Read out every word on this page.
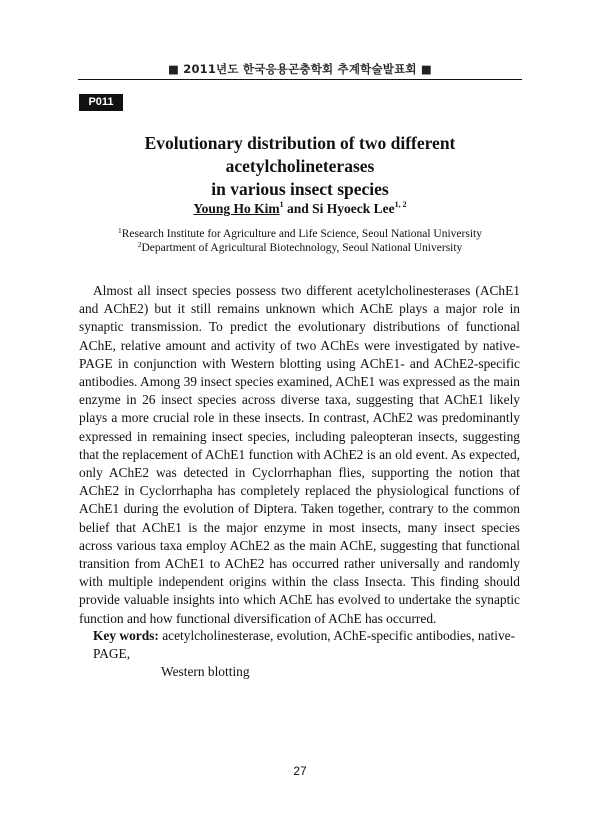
■ 2011년도 한국응용곤충학회 추계학술발표회 ■
P011
Evolutionary distribution of two different acetylcholineterases
in various insect species
Young Ho Kim$^1$ and Si Hyoeck Lee$^{1, 2}$
$^1$Research Institute for Agriculture and Life Science, Seoul National University
$^2$Department of Agricultural Biotechnology, Seoul National University

Almost all insect species possess two different acetylcholinesterases (AChE1 and AChE2) but it still remains unknown which AChE plays a major role in synaptic transmission. To predict the evolutionary distributions of functional AChE, relative amount and activity of two AChEs were investigated by native-PAGE in conjunction with Western blotting using AChE1- and AChE2-specific antibodies. Among 39 insect species examined, AChE1 was expressed as the main enzyme in 26 insect species across diverse taxa, suggesting that AChE1 likely plays a more crucial role in these insects. In contrast, AChE2 was predominantly expressed in remaining insect species, including paleopteran insects, suggesting that the replacement of AChE1 function with AChE2 is an old event. As expected, only AChE2 was detected in Cyclorrhaphan flies, supporting the notion that AChE2 in Cyclorrhapha has completely replaced the physiological functions of AChE1 during the evolution of Diptera. Taken together, contrary to the common belief that AChE1 is the major enzyme in most insects, many insect species across various taxa employ AChE2 as the main AChE, suggesting that functional transition from AChE1 to AChE2 has occurred rather universally and randomly with multiple independent origins within the class Insecta. This finding should provide valuable insights into which AChE has evolved to undertake the synaptic function and how functional diversification of AChE has occurred.

Key words: acetylcholinesterase, evolution, AChE-specific antibodies, native-PAGE,
Western blotting
27
